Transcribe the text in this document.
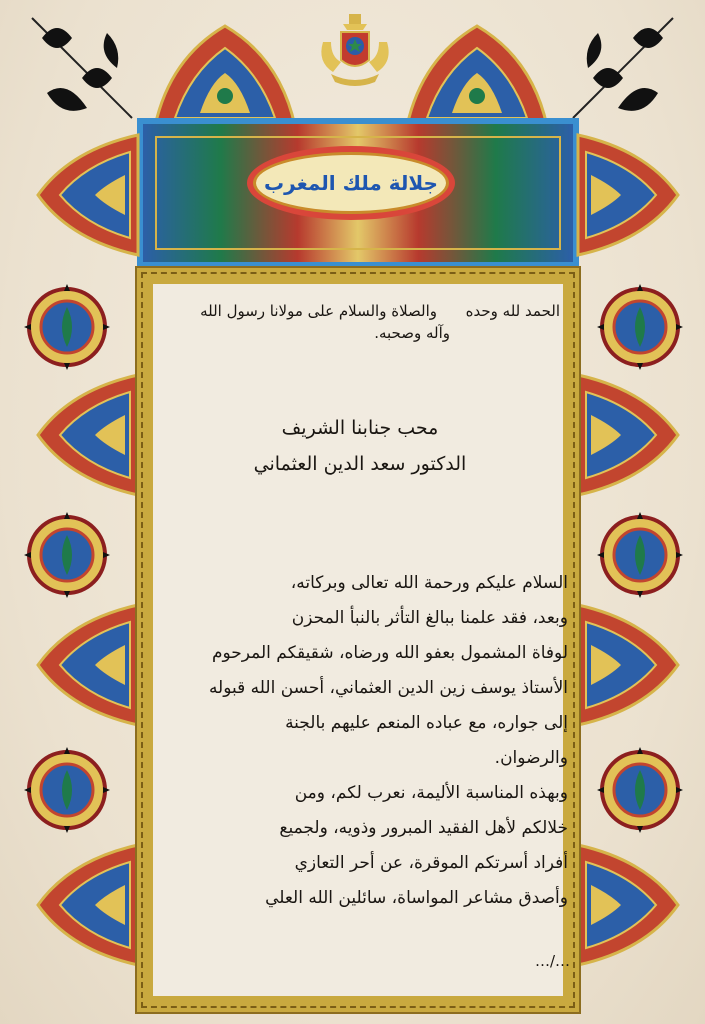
جلالة ملك المغرب
الحمد لله وحده      والصلاة والسلام على مولانا رسول الله
وآله وصحبه.
محب جنابنا الشريف
الدكتور سعد الدين العثماني

السلام عليكم ورحمة الله تعالى وبركاته،

وبعد، فقد علمنا ببالغ التأثر بالنبأ المحزن

لوفاة المشمول بعفو الله ورضاه، شقيقكم المرحوم

الأستاذ يوسف زين الدين العثماني، أحسن الله قبوله

إلى جواره، مع عباده المنعم عليهم بالجنة

والرضوان.

وبهذه المناسبة الأليمة، نعرب لكم، ومن

خلالكم لأهل الفقيد المبرور وذويه، ولجميع

أفراد أسرتكم الموقرة، عن أحر التعازي

وأصدق مشاعر المواساة، سائلين الله العلي

…/…
